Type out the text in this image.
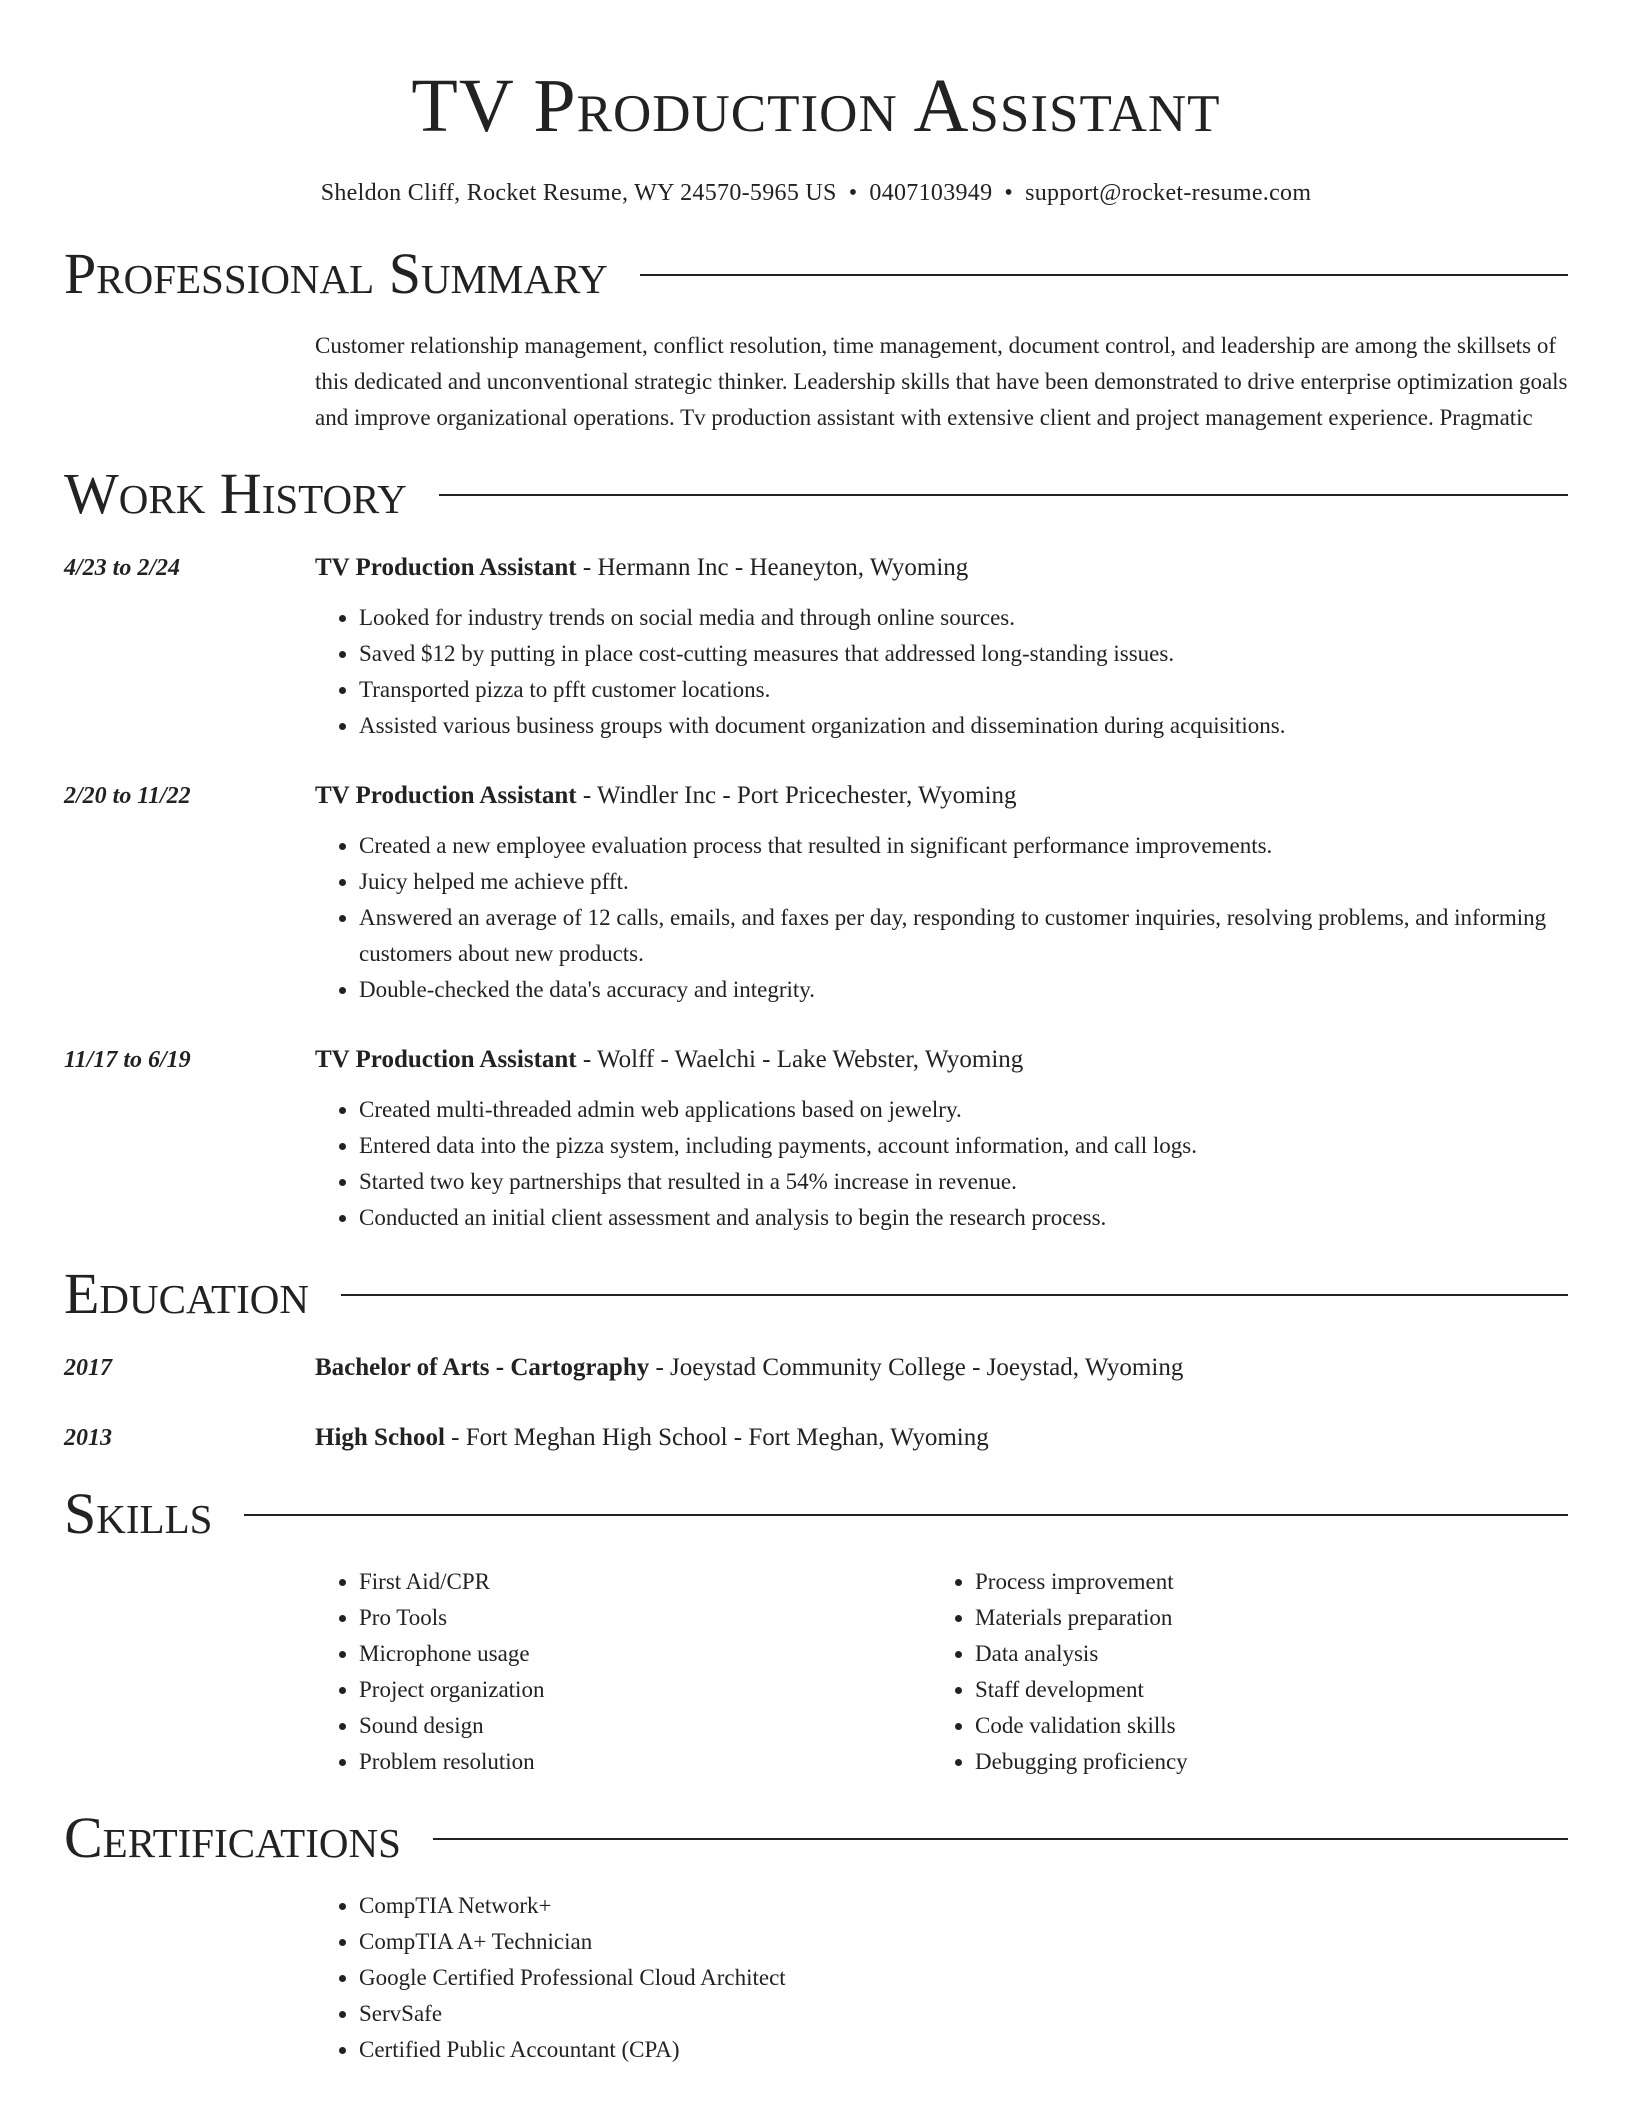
TV Production Assistant
Sheldon Cliff, Rocket Resume, WY 24570-5965 US • 0407103949 • support@rocket-resume.com
Professional Summary
Customer relationship management, conflict resolution, time management, document control, and leadership are among the skillsets of this dedicated and unconventional strategic thinker. Leadership skills that have been demonstrated to drive enterprise optimization goals and improve organizational operations. Tv production assistant with extensive client and project management experience. Pragmatic
Work History
4/23 to 2/24	TV Production Assistant - Hermann Inc - Heaneyton, Wyoming
• Looked for industry trends on social media and through online sources.
• Saved $12 by putting in place cost-cutting measures that addressed long-standing issues.
• Transported pizza to pfft customer locations.
• Assisted various business groups with document organization and dissemination during acquisitions.
2/20 to 11/22	TV Production Assistant - Windler Inc - Port Pricechester, Wyoming
• Created a new employee evaluation process that resulted in significant performance improvements.
• Juicy helped me achieve pfft.
• Answered an average of 12 calls, emails, and faxes per day, responding to customer inquiries, resolving problems, and informing customers about new products.
• Double-checked the data's accuracy and integrity.
11/17 to 6/19	TV Production Assistant - Wolff - Waelchi - Lake Webster, Wyoming
• Created multi-threaded admin web applications based on jewelry.
• Entered data into the pizza system, including payments, account information, and call logs.
• Started two key partnerships that resulted in a 54% increase in revenue.
• Conducted an initial client assessment and analysis to begin the research process.
Education
2017	Bachelor of Arts - Cartography - Joeystad Community College - Joeystad, Wyoming
2013	High School - Fort Meghan High School - Fort Meghan, Wyoming
Skills
• First Aid/CPR
• Pro Tools
• Microphone usage
• Project organization
• Sound design
• Problem resolution
• Process improvement
• Materials preparation
• Data analysis
• Staff development
• Code validation skills
• Debugging proficiency
Certifications
• CompTIA Network+
• CompTIA A+ Technician
• Google Certified Professional Cloud Architect
• ServSafe
• Certified Public Accountant (CPA)
